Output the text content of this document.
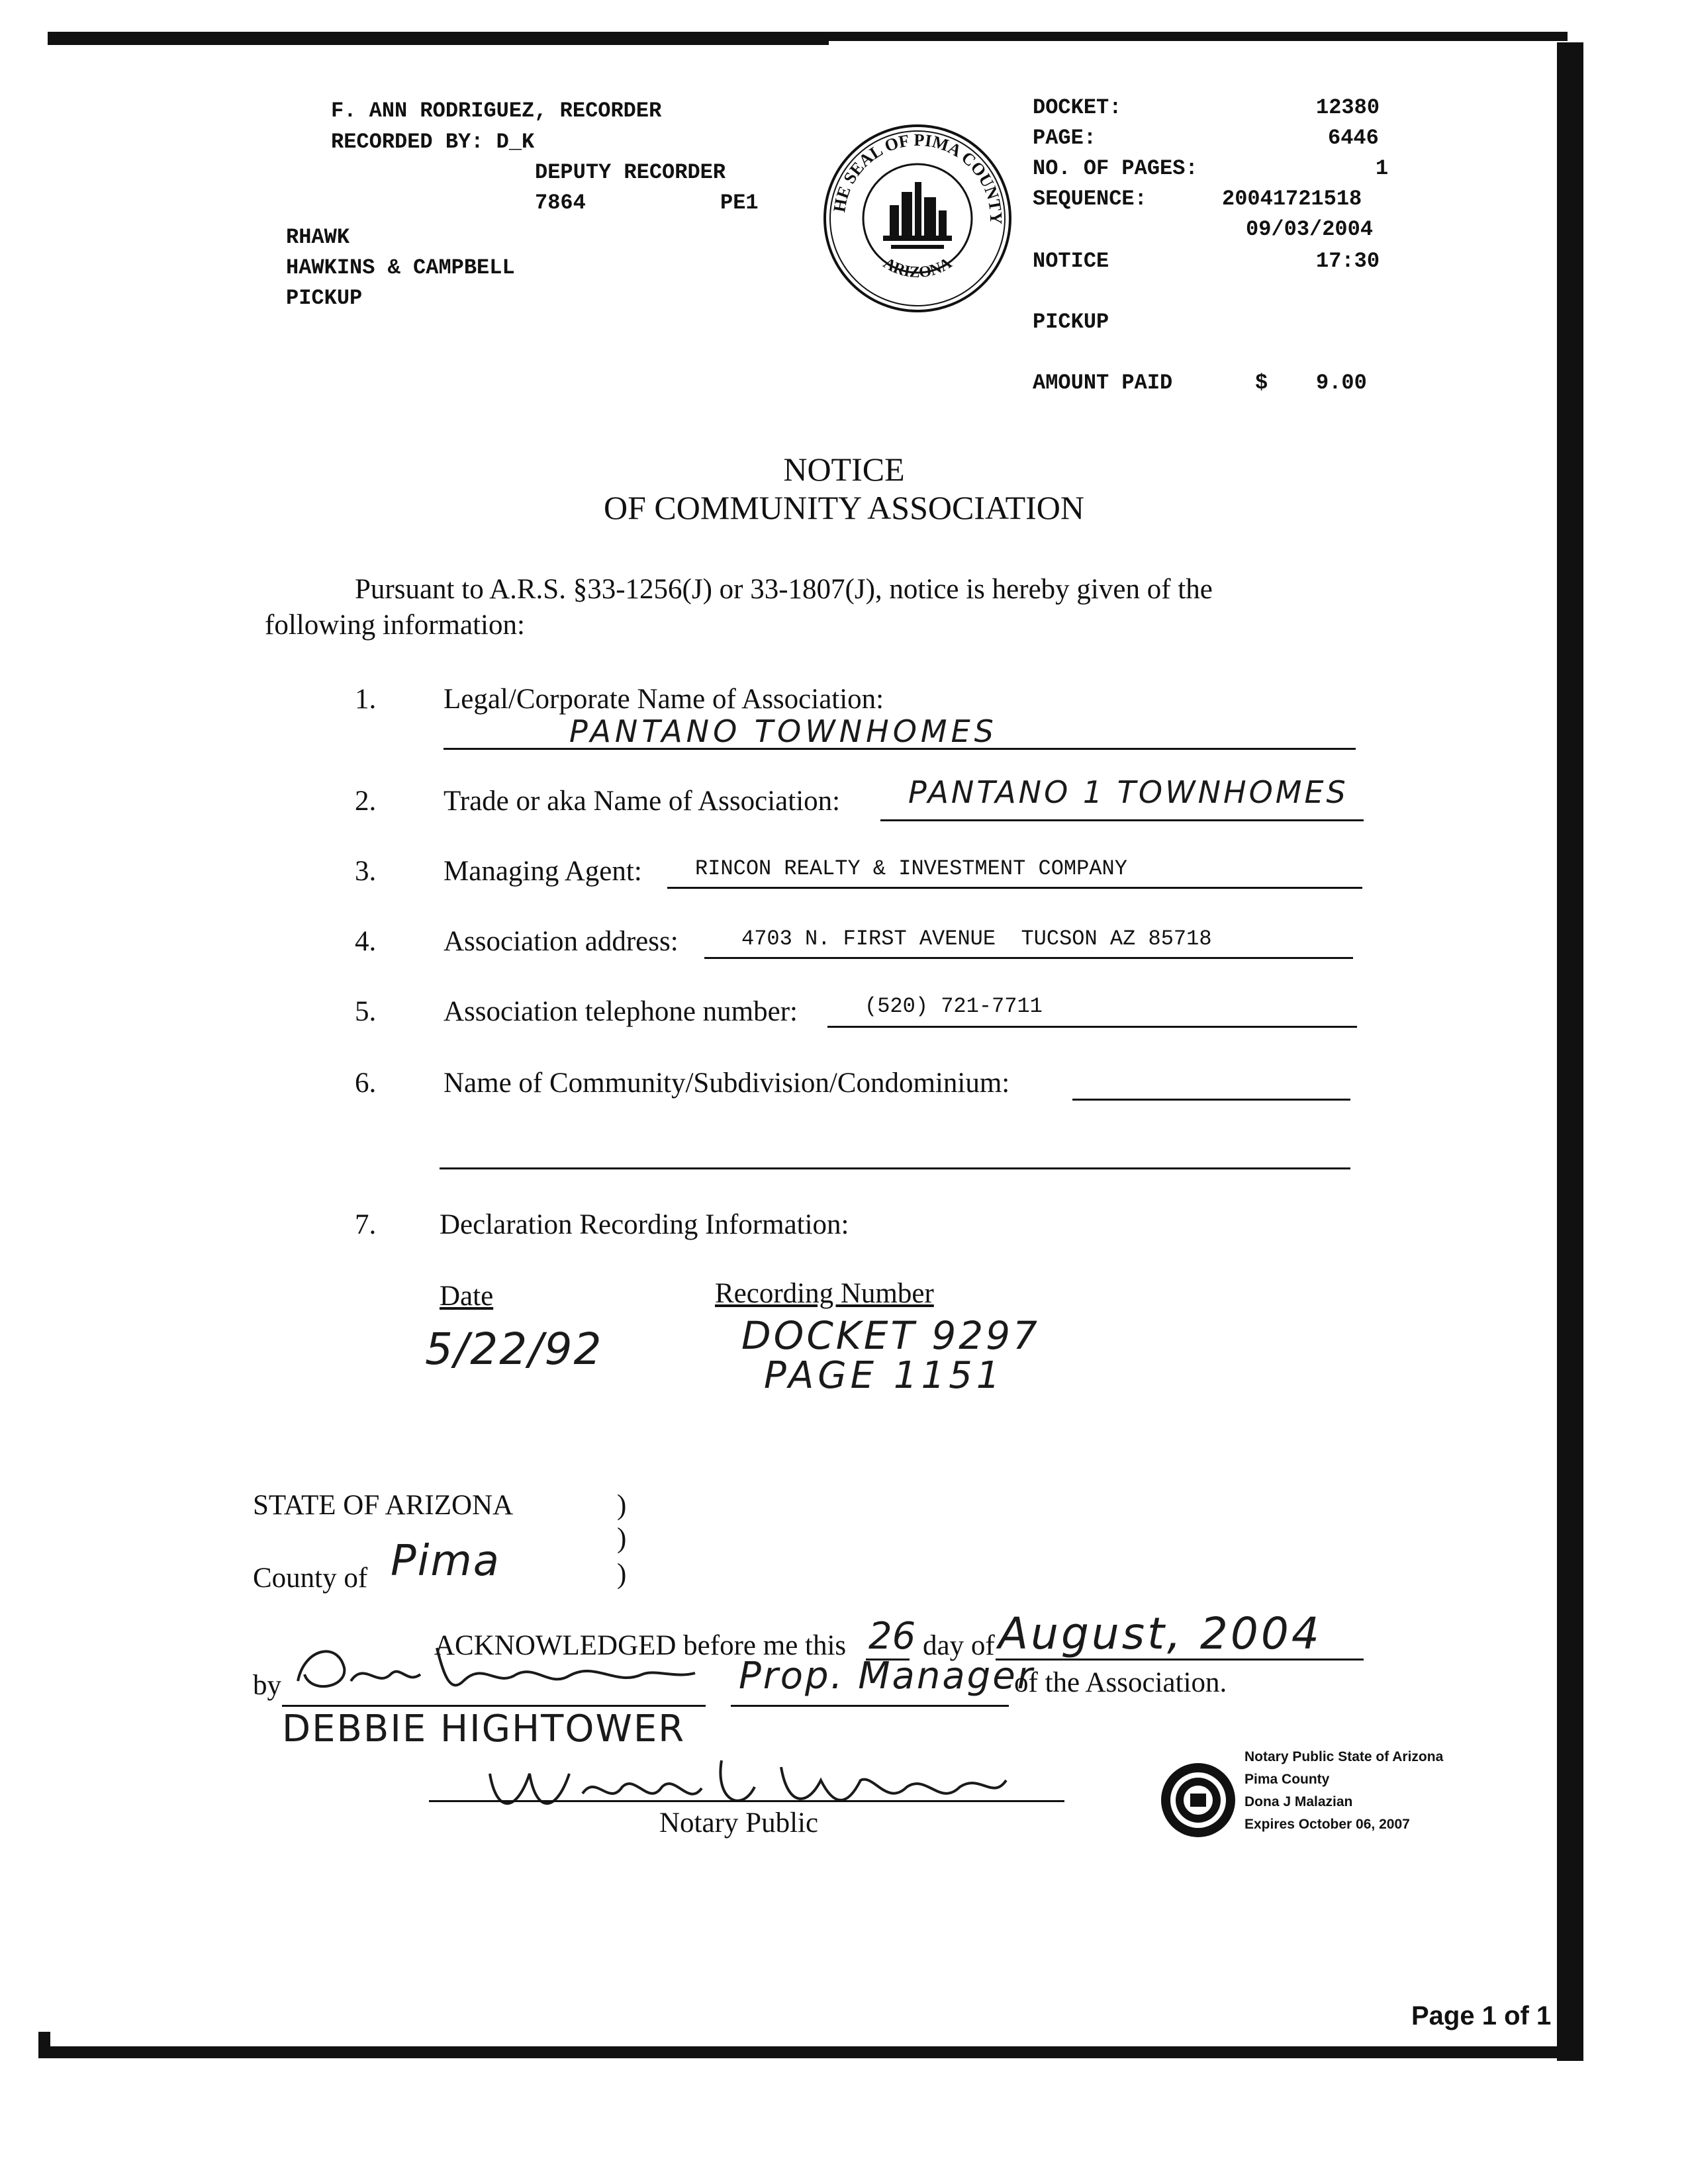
F. ANN RODRIGUEZ, RECORDER
RECORDED BY: D_K
DEPUTY RECORDER
7864	PE1
RHAWK
HAWKINS & CAMPBELL
PICKUP
HE SEAL OF PIMA COUNTY
ARIZONA
DOCKET:	12380
PAGE:	6446
NO. OF PAGES:	1
SEQUENCE:	20041721518
09/03/2004
NOTICE	17:30
PICKUP
AMOUNT PAID	$ 9.00
NOTICE
OF COMMUNITY ASSOCIATION
Pursuant to A.R.S. §33-1256(J) or 33-1807(J), notice is hereby given of the
following information:
1. Legal/Corporate Name of Association:
PANTANO TOWNHOMES
2. Trade or aka Name of Association: PANTANO 1 TOWNHOMES
3. Managing Agent:	RINCON REALTY & INVESTMENT COMPANY
4. Association address:	4703 N. FIRST AVENUE  TUCSON AZ 85718
5. Association telephone number:	(520) 721-7711
6. Name of Community/Subdivision/Condominium:
7. Declaration Recording Information:
Date	Recording Number
5/22/92	DOCKET 9297
PAGE 1151
STATE OF ARIZONA	)
)
)
County of Pima
ACKNOWLEDGED before me this 26 day of August, 2004
by	Prop. Manager
of the Association.
DEBBIE HIGHTOWER
Notary Public
Notary Public State of Arizona
Pima County
Dona J Malazian
Expires October 06, 2007
1
2
3
8
0
0
6
4
4
6
Page 1 of 1
